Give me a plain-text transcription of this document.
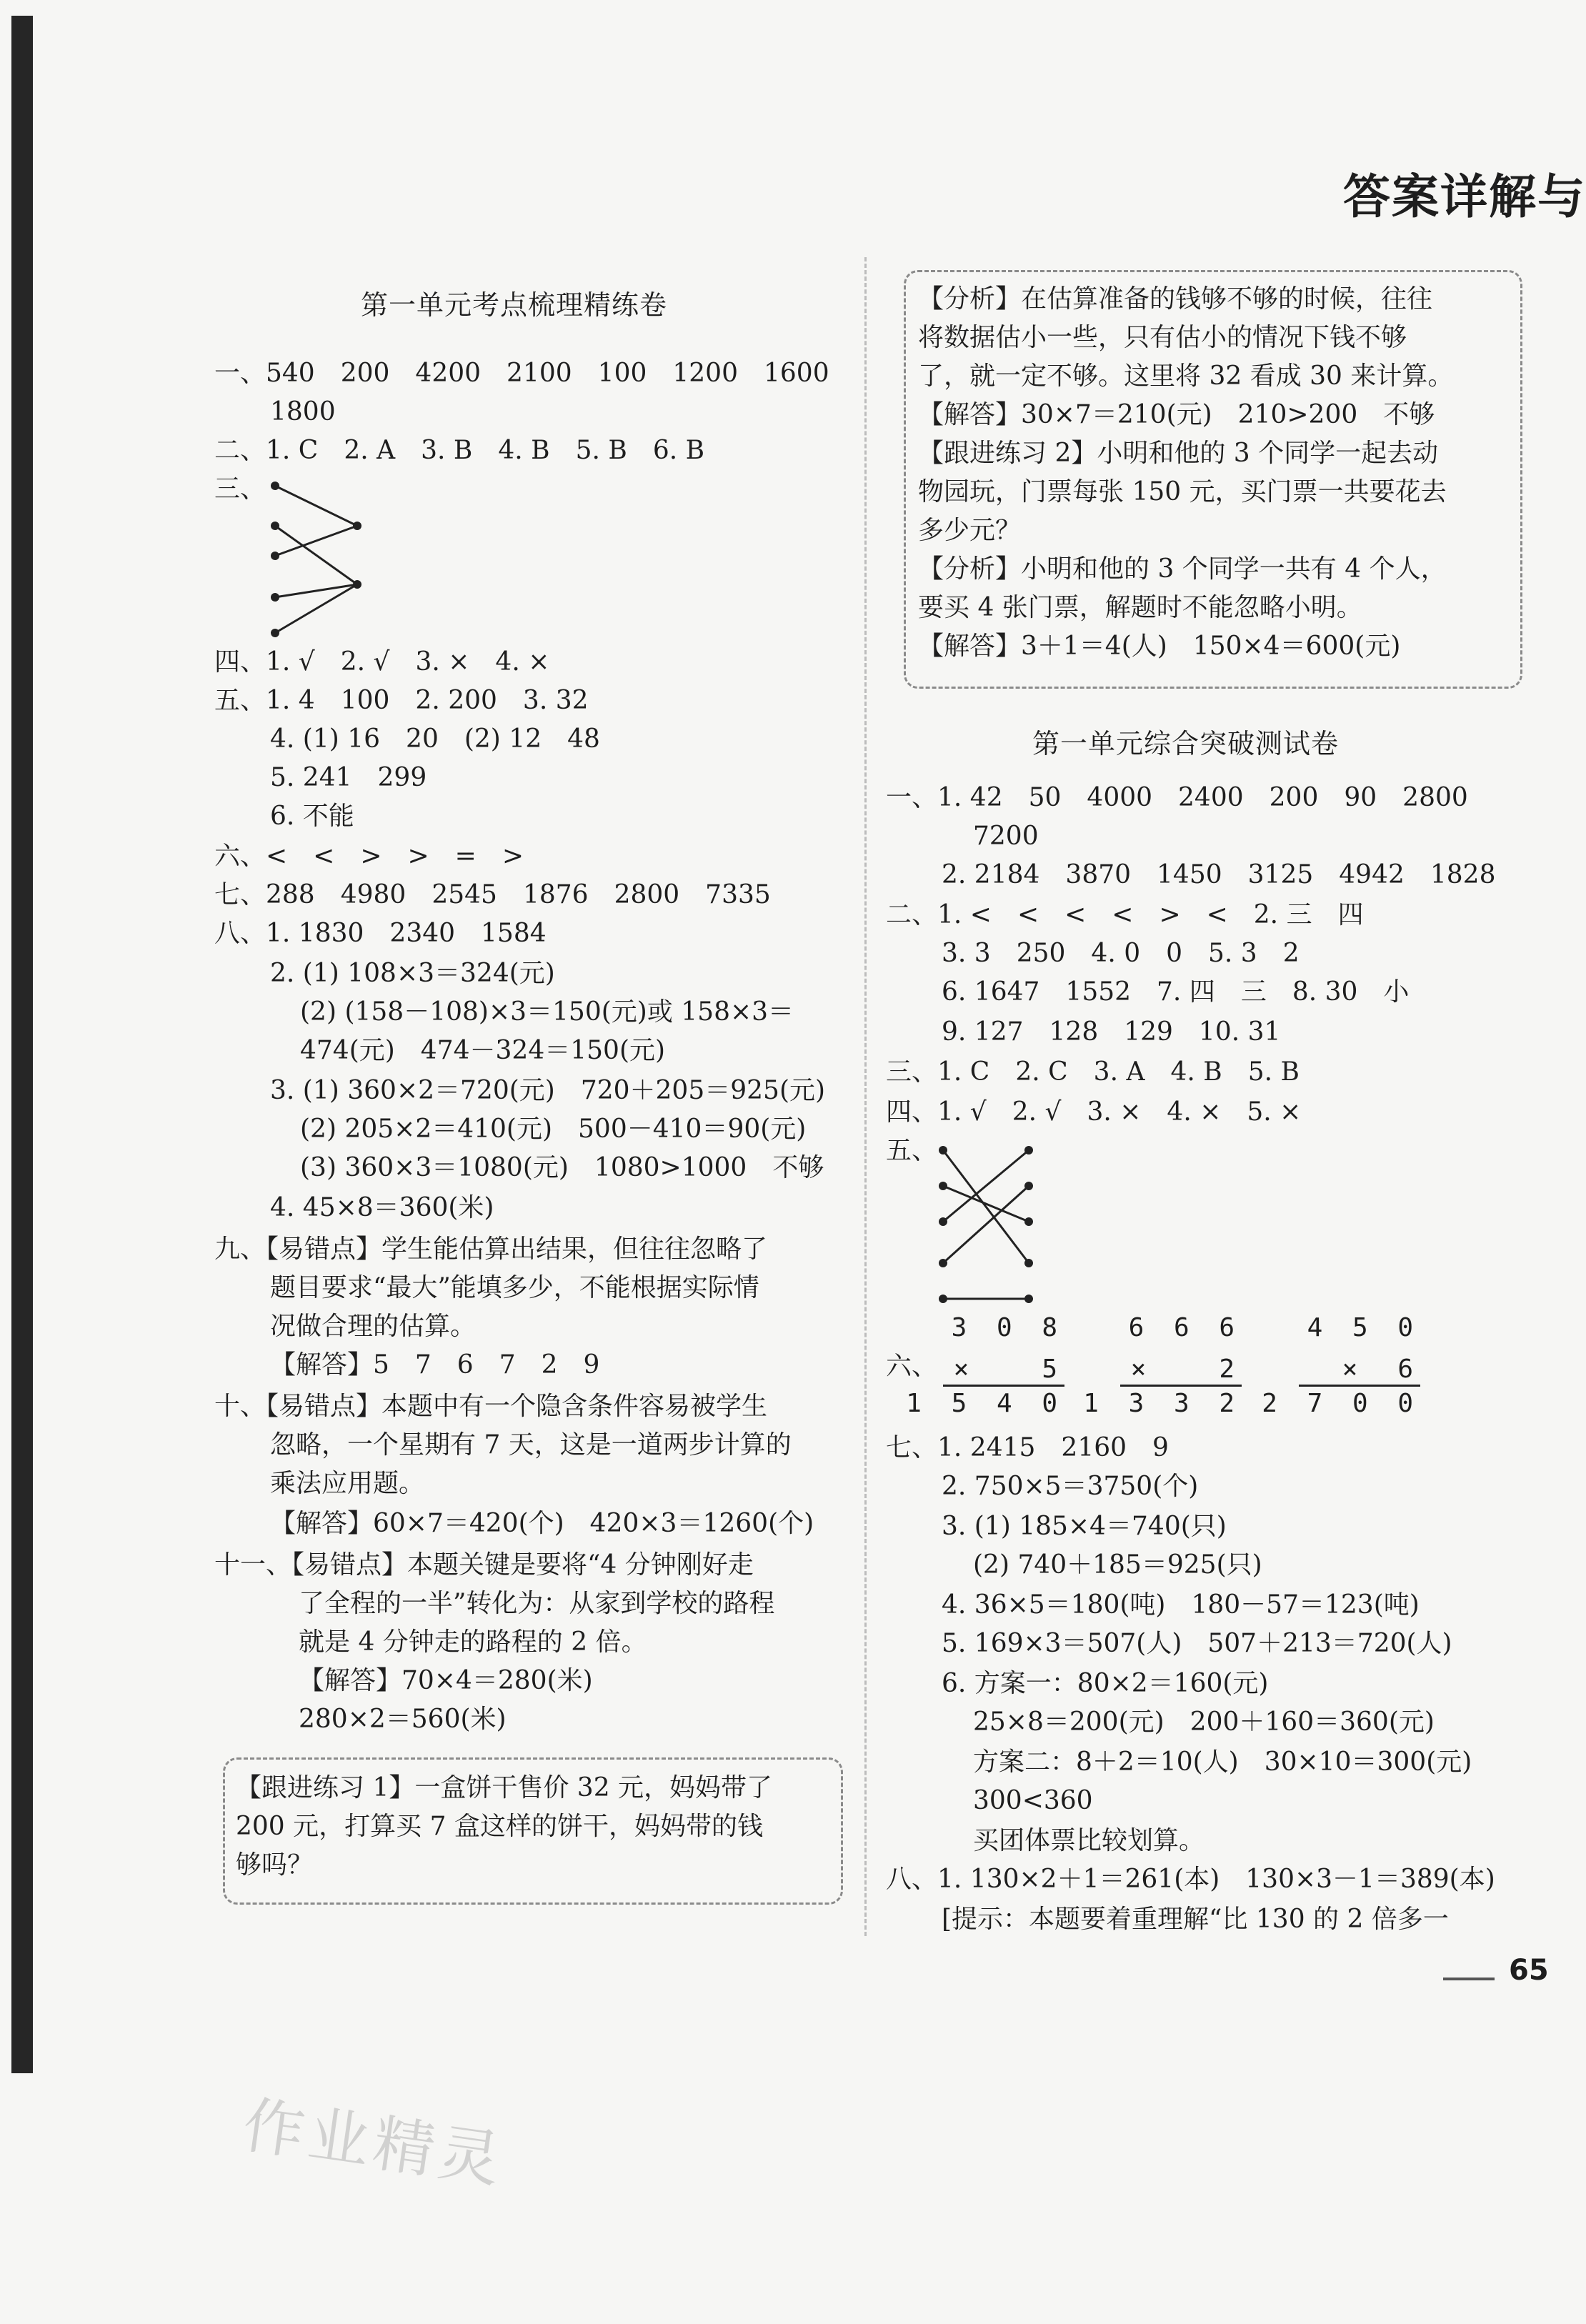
答案详解与
第一单元考点梳理精练卷
一、540　200　4200　2100　100　1200　1600
1800
二、1. C　2. A　3. B　4. B　5. B　6. B
三、
四、1. √　2. √　3. ×　4. ×
五、1. 4　100　2. 200　3. 32
4. (1) 16　20　(2) 12　48
5. 241　299
6. 不能
六、<　<　>　>　=　>
七、288　4980　2545　1876　2800　7335
八、1. 1830　2340　1584
2. (1) 108×3＝324(元)
(2) (158－108)×3＝150(元)或 158×3＝
474(元)　474－324＝150(元)
3. (1) 360×2＝720(元)　720＋205＝925(元)
(2) 205×2＝410(元)　500－410＝90(元)
(3) 360×3＝1080(元)　1080>1000　不够
4. 45×8＝360(米)
九、【易错点】学生能估算出结果，但往往忽略了
题目要求“最大”能填多少，不能根据实际情
况做合理的估算。
【解答】5　7　6　7　2　9
十、【易错点】本题中有一个隐含条件容易被学生
忽略，一个星期有 7 天，这是一道两步计算的
乘法应用题。
【解答】60×7＝420(个)　420×3＝1260(个)
十一、【易错点】本题关键是要将“4 分钟刚好走
了全程的一半”转化为：从家到学校的路程
就是 4 分钟走的路程的 2 倍。
【解答】70×4＝280(米)
280×2＝560(米)
【跟进练习 1】一盒饼干售价 32 元，妈妈带了
200 元，打算买 7 盒这样的饼干，妈妈带的钱
够吗？
【分析】在估算准备的钱够不够的时候，往往
将数据估小一些，只有估小的情况下钱不够
了，就一定不够。这里将 32 看成 30 来计算。
【解答】30×7＝210(元)　210>200　不够
【跟进练习 2】小明和他的 3 个同学一起去动
物园玩，门票每张 150 元，买门票一共要花去
多少元？
【分析】小明和他的 3 个同学一共有 4 个人，
要买 4 张门票，解题时不能忽略小明。
【解答】3＋1＝4(人)　150×4＝600(元)
第一单元综合突破测试卷
一、1. 42　50　4000　2400　200　90　2800
7200
2. 2184　3870　1450　3125　4942　1828
二、1. <　<　<　<　>　<　2. 三　四
3. 3　250　4. 0　0　5. 3　2
6. 1647　1552　7. 四　三　8. 30　小
9. 127　128　129　10. 31
三、1. C　2. C　3. A　4. B　5. B
四、1. √　2. √　3. ×　4. ×　5. ×
五、
六、
3 0 8
×　　5
1 5 4 0
6 6 6
×　　2
1 3 3 2
4 5 0
×　6
2 7 0 0
七、1. 2415　2160　9
2. 750×5＝3750(个)
3. (1) 185×4＝740(只)
(2) 740＋185＝925(只)
4. 36×5＝180(吨)　180－57＝123(吨)
5. 169×3＝507(人)　507＋213＝720(人)
6. 方案一：80×2＝160(元)
25×8＝200(元)　200＋160＝360(元)
方案二：8＋2＝10(人)　30×10＝300(元)
300<360
买团体票比较划算。
八、1. 130×2＋1＝261(本)　130×3－1＝389(本)
[提示：本题要着重理解“比 130 的 2 倍多一
65
作业精灵
